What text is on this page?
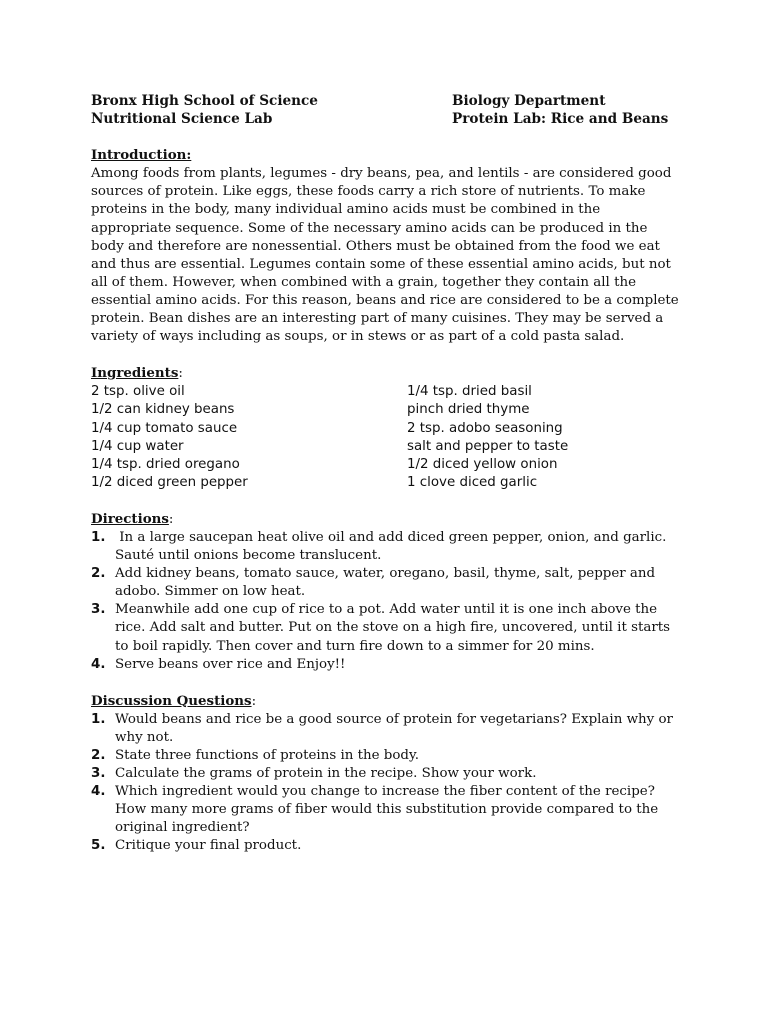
Bronx High School of Science
Nutritional Science Lab
Biology Department
Protein Lab: Rice and Beans
Introduction:

Among foods from plants, legumes - dry beans, pea, and lentils - are considered good sources of protein. Like eggs, these foods carry a rich store of nutrients. To make proteins in the body, many individual amino acids must be combined in the appropriate sequence. Some of the necessary amino acids can be produced in the body and therefore are nonessential. Others must be obtained from the food we eat and thus are essential. Legumes contain some of these essential amino acids, but not all of them. However, when combined with a grain, together they contain all the essential amino acids. For this reason, beans and rice are considered to be a complete protein. Bean dishes are an interesting part of many cuisines. They may be served a variety of ways including as soups, or in stews or as part of a cold pasta salad.

Ingredients:
2 tsp. olive oil
1/2 can kidney beans
1/4 cup tomato sauce
1/4 cup water
1/4 tsp. dried oregano
1/2 diced green pepper
1/4 tsp. dried basil
pinch dried thyme
2 tsp. adobo seasoning
salt and pepper to taste
1/2 diced yellow onion
1 clove diced garlic
Directions:
1. In a large saucepan heat olive oil and add diced green pepper, onion, and garlic.  Sauté until onions become translucent.
2. Add kidney beans, tomato sauce, water, oregano, basil, thyme, salt, pepper and adobo. Simmer on low heat.
3. Meanwhile add one cup of rice to a pot. Add water until it is one inch above the rice. Add salt and butter. Put on the stove on a high fire, uncovered, until it starts to boil rapidly. Then cover and turn fire down to a simmer for 20 mins.
4. Serve beans over rice and Enjoy!!
Discussion Questions:
1. Would beans and rice be a good source of protein for vegetarians? Explain why or why not.
2. State three functions of proteins in the body.
3. Calculate the grams of protein in the recipe. Show your work.
4. Which ingredient would you change to increase the fiber content of the recipe? How many more grams of fiber would this substitution provide compared to the original ingredient?
5. Critique your final product.
